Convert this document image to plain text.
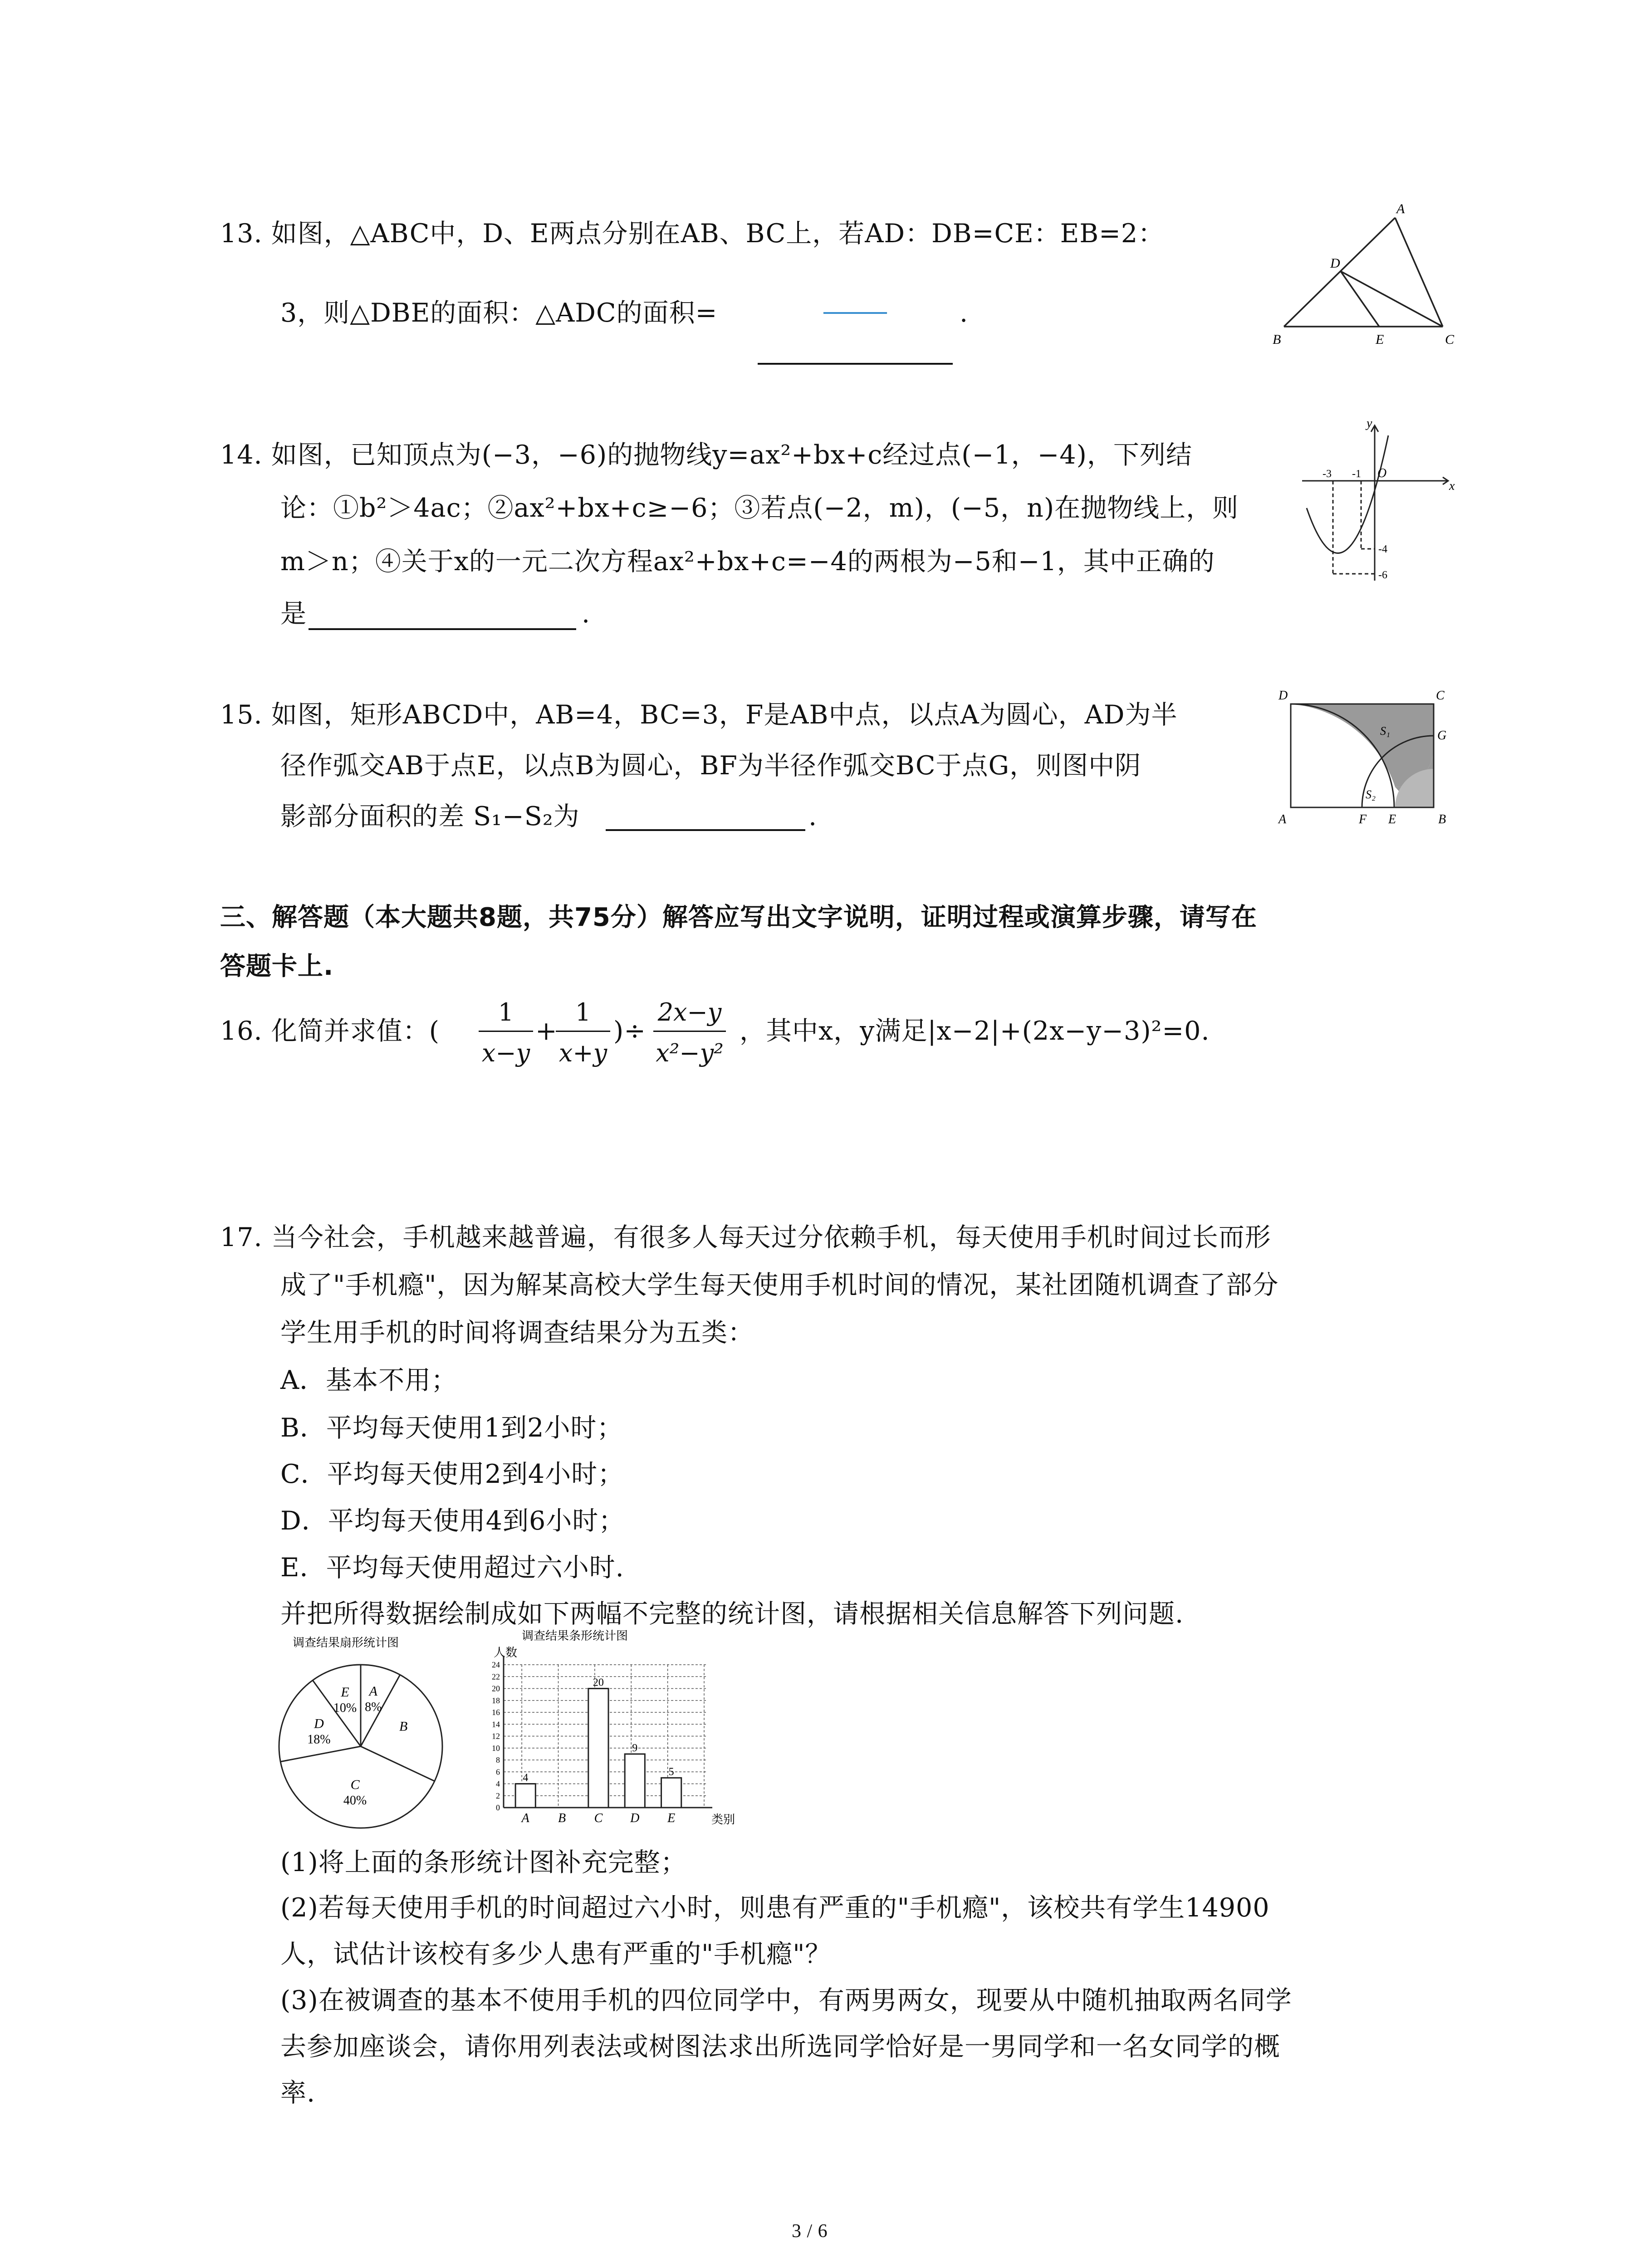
13. 如图，△ABC中，D、E两点分别在AB、BC上，若AD：DB=CE：EB=2：
3，则△DBE的面积：△ADC的面积=	.
A
B	C
D
E
14. 如图，已知顶点为(−3，−6)的抛物线y=ax²+bx+c经过点(−1，−4)，下列结
论：①b²＞4ac；②ax²+bx+c≥−6；③若点(−2，m)，(−5，n)在抛物线上，则
m＞n；④关于x的一元二次方程ax²+bx+c=−4的两根为−5和−1，其中正确的
是	.
y
x
O
-3 -1
-4
-6
15. 如图，矩形ABCD中，AB=4，BC=3，F是AB中点，以点A为圆心，AD为半
径作弧交AB于点E，以点B为圆心，BF为半径作弧交BC于点G，则图中阴
影部分面积的差 S₁−S₂为	.	A	B
C
D
E
F
G
S₁
S₂
三、解答题（本大题共8题，共75分）解答应写出文字说明，证明过程或演算步骤，请写在
答题卡上.
16. 化简并求值：(
1
x−y
+
1
x+y
)÷
2x−y
x²−y²
，其中x，y满足|x−2|+(2x−y−3)²=0.
17. 当今社会，手机越来越普遍，有很多人每天过分依赖手机，每天使用手机时间过长而形
成了"手机瘾"，因为解某高校大学生每天使用手机时间的情况，某社团随机调查了部分
学生用手机的时间将调查结果分为五类：
A．基本不用；
B．平均每天使用1到2小时；
C．平均每天使用2到4小时；
D．平均每天使用4到6小时；
E．平均每天使用超过六小时.
并把所得数据绘制成如下两幅不完整的统计图，请根据相关信息解答下列问题.
调查结果扇形统计图
A
8%
B
C
40%
D
18%
E
10%
调查结果条形统计图
人数
类别
0
2
4
6
8
10
12
14
16
18
20
22
24
4
A B
20
C
9
D
5
E
(1)将上面的条形统计图补充完整；
(2)若每天使用手机的时间超过六小时，则患有严重的"手机瘾"，该校共有学生14900
人，试估计该校有多少人患有严重的"手机瘾"？
(3)在被调查的基本不使用手机的四位同学中，有两男两女，现要从中随机抽取两名同学
去参加座谈会，请你用列表法或树图法求出所选同学恰好是一男同学和一名女同学的概
率.
3 / 6
